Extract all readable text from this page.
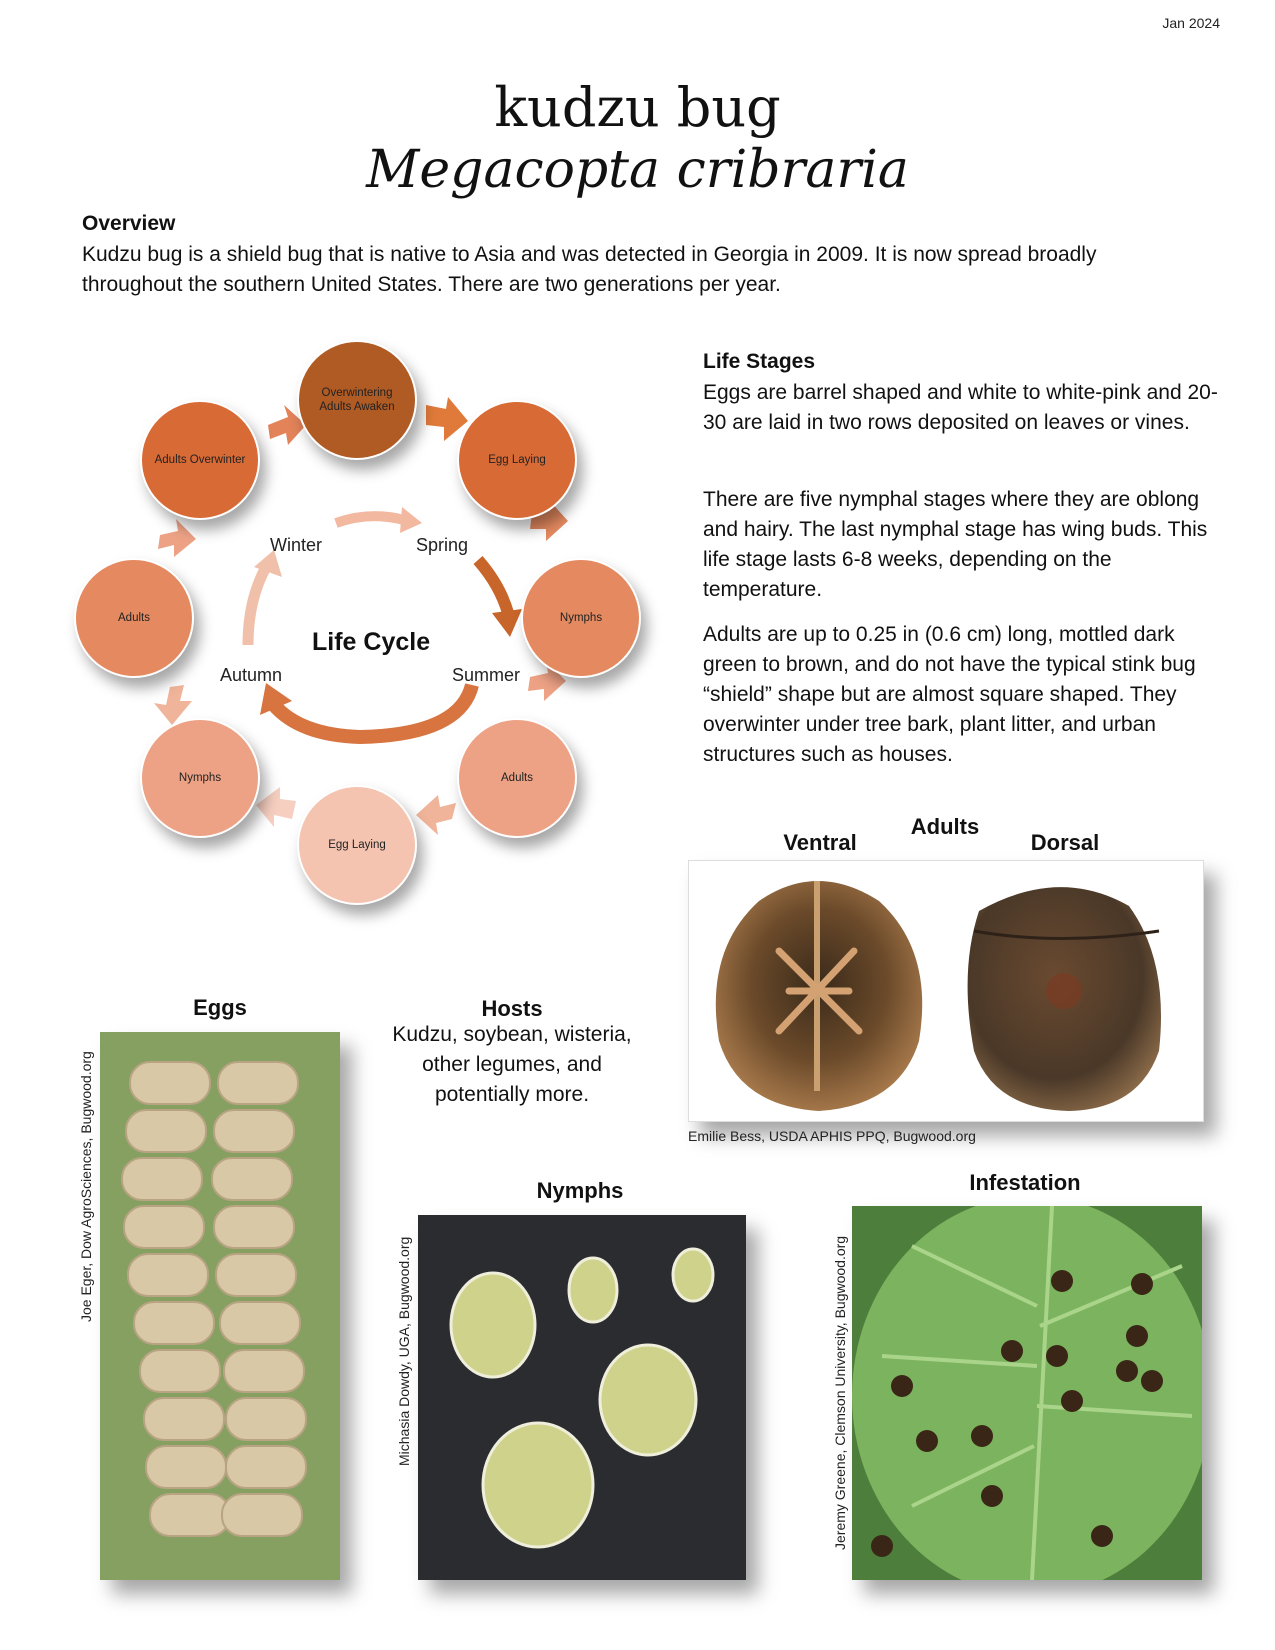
Jan 2024
kudzu bug
Megacopta cribraria
Overview
Kudzu bug is a shield bug that is native to Asia and was detected in Georgia in 2009. It is now spread broadly throughout the southern United States. There are two generations per year.
Overwintering Adults Awaken
Egg Laying
Nymphs
Adults
Egg Laying
Nymphs
Adults
Adults Overwinter
Winter	Spring
Summer
Autumn
Life Cycle
Life Stages
Eggs are barrel shaped and white to white-pink and 20-30 are laid in two rows deposited on leaves or vines.
There are five nymphal stages where they are oblong and hairy. The last nymphal stage has wing buds. This life stage lasts 6-8 weeks, depending on the temperature.
Adults are up to 0.25 in (0.6 cm) long, mottled dark green to brown, and do not have the typical stink bug “shield” shape but are almost square shaped. They overwinter under tree bark, plant litter, and urban structures such as houses.
Adults
Ventral	Dorsal
Emilie Bess, USDA APHIS PPQ, Bugwood.org
Eggs
Joe Eger, Dow AgroSciences, Bugwood.org
Hosts
Kudzu, soybean, wisteria, other legumes, and potentially more.
Nymphs
Michasia Dowdy, UGA, Bugwood.org
Infestation
Jeremy Greene, Clemson University, Bugwood.org
